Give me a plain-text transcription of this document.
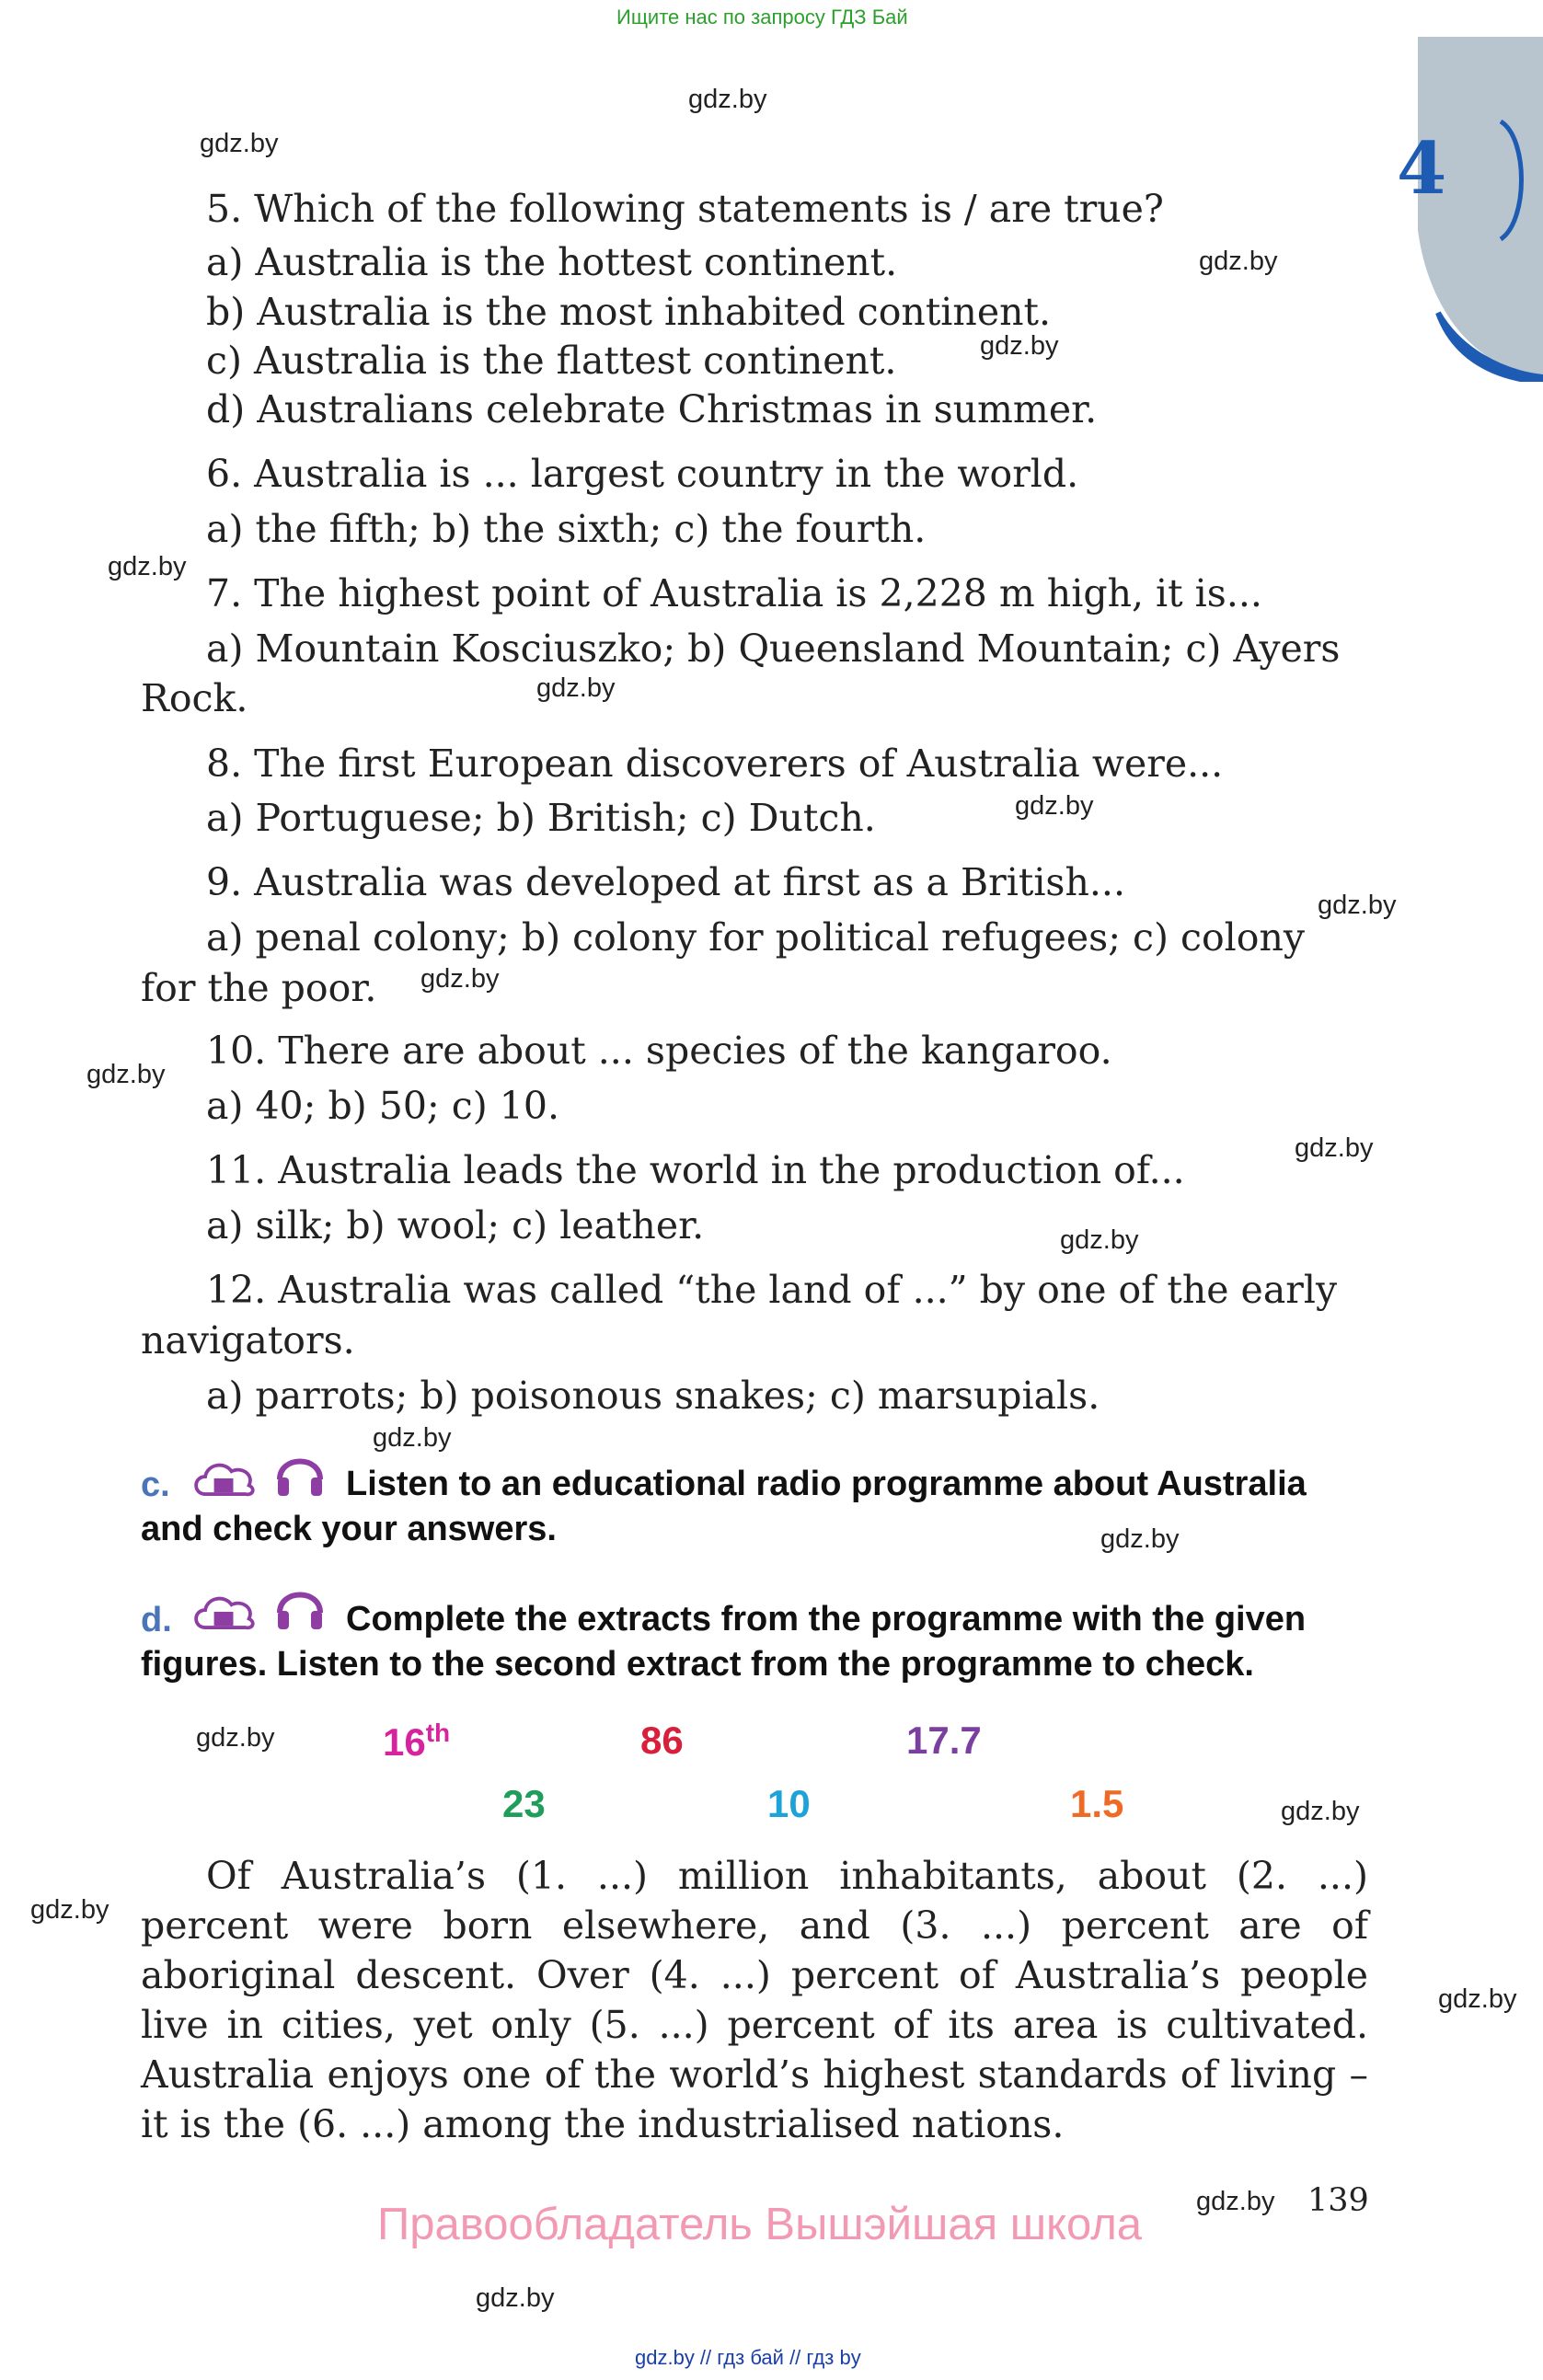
Ищите нас по запросу ГДЗ Бай
4
gdz.by
gdz.by
gdz.by
gdz.by
gdz.by
gdz.by
gdz.by
gdz.by
gdz.by
gdz.by
gdz.by
gdz.by
gdz.by
gdz.by
gdz.by
gdz.by
gdz.by
gdz.by
gdz.by
gdz.by
5. Which of the following statements is / are true?
a) Australia is the hottest continent.
b) Australia is the most inhabited continent.
c) Australia is the flattest continent.
d) Australians celebrate Christmas in summer.
6. Australia is ... largest country in the world.
a) the fifth; b) the sixth; c) the fourth.
7. The highest point of Australia is 2,228 m high, it is...
a) Mountain Kosciuszko; b) Queensland Mountain; c) Ayers
Rock.
8. The first European discoverers of Australia were...
a) Portuguese; b) British; c) Dutch.
9. Australia was developed at first as a British...
a) penal colony; b) colony for political refugees; c) colony
for the poor.
10. There are about ... species of the kangaroo.
a) 40; b) 50; c) 10.
11. Australia leads the world in the production of...
a) silk; b) wool; c) leather.
12. Australia was called “the land of ...” by one of the early
navigators.
a) parrots; b) poisonous snakes; c) marsupials.
c.	Listen to an educational radio programme about Australia
and check your answers.
d.	Complete the extracts from the programme with the given
figures. Listen to the second extract from the programme to check.
16th	86	17.7
23	10	1.5
Of Australia’s (1. ...) million inhabitants, about (2. ...) percent were born elsewhere, and (3. ...) percent are of aboriginal descent. Over (4. ...) percent of Australia’s people live in cities, yet only (5. ...) percent of its area is cultivated. Australia enjoys one of the world’s highest standards of living – it is the (6. ...) among the industrialised nations.
139
Правообладатель Вышэйшая школа
gdz.by // гдз бай // гдз by
